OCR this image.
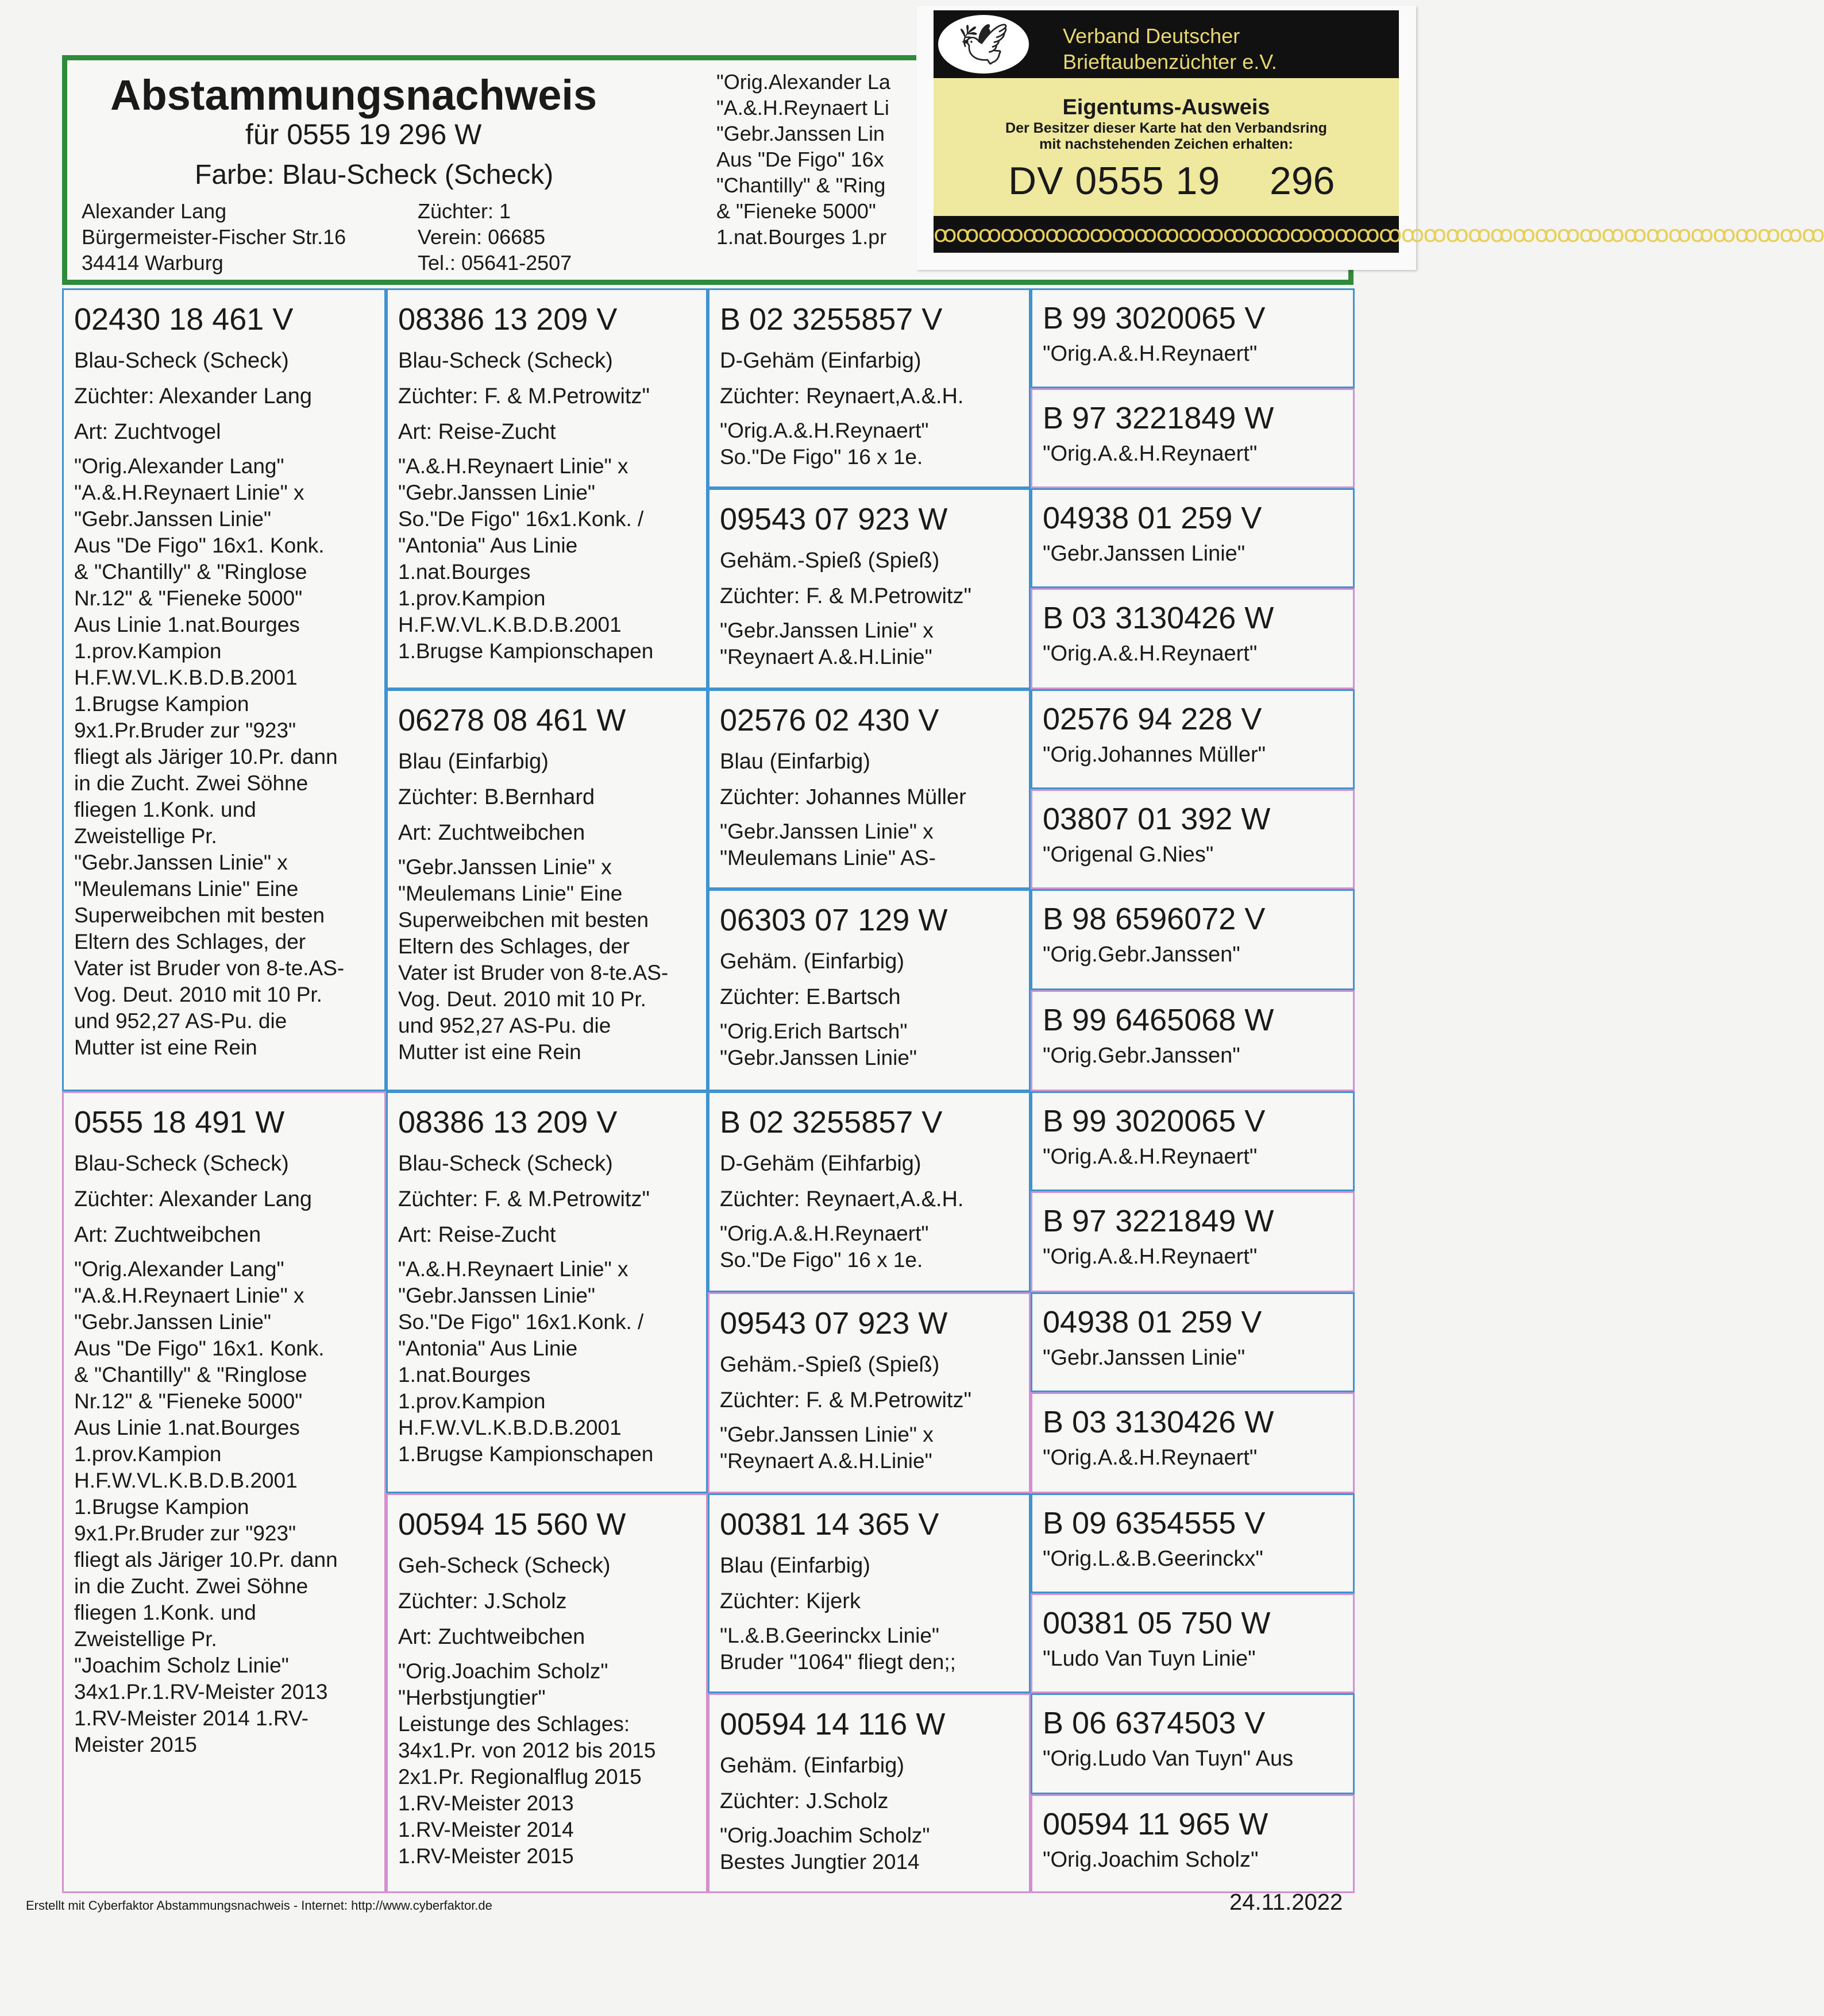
Abstammungsnachweis
für 0555 19 296 W
Farbe: Blau-Scheck (Scheck)
Alexander Lang
Bürgermeister-Fischer Str.16
34414 Warburg
Züchter: 1
Verein: 06685
Tel.: 05641-2507
"Orig.Alexander La
"A.&.H.Reynaert Li
"Gebr.Janssen Lin
Aus "De Figo" 16x
"Chantilly" & "Ring
& "Fieneke 5000"
1.nat.Bourges 1.pr
🕊	Verband Deutscher
Brieftaubenzüchter e.V.
Eigentums-Ausweis
Der Besitzer dieser Karte hat den Verbandsring
mit nachstehenden Zeichen erhalten:
DV 0555 19 296
ꝏꝏꝏꝏꝏꝏꝏꝏꝏꝏꝏꝏꝏꝏꝏꝏꝏꝏꝏꝏꝏꝏꝏꝏꝏꝏꝏꝏꝏꝏꝏꝏꝏꝏꝏꝏꝏꝏꝏꝏ
02430 18 461 V
Blau-Scheck (Scheck)
Züchter: Alexander Lang
Art: Zuchtvogel
"Orig.Alexander Lang"
"A.&.H.Reynaert Linie" x
"Gebr.Janssen Linie"
Aus "De Figo" 16x1. Konk.
& "Chantilly" & "Ringlose
Nr.12" & "Fieneke 5000"
Aus Linie 1.nat.Bourges
1.prov.Kampion
H.F.W.VL.K.B.D.B.2001
1.Brugse Kampion
9x1.Pr.Bruder zur "923"
fliegt als Järiger 10.Pr. dann
in die Zucht. Zwei Söhne
fliegen 1.Konk. und
Zweistellige Pr.
"Gebr.Janssen Linie" x
"Meulemans Linie" Eine
Superweibchen mit besten
Eltern des Schlages, der
Vater ist Bruder von 8-te.AS-
Vog. Deut. 2010 mit 10 Pr.
und 952,27 AS-Pu. die
Mutter ist eine Rein
08386 13 209 V
Blau-Scheck (Scheck)
Züchter: F. & M.Petrowitz"
Art: Reise-Zucht
"A.&.H.Reynaert Linie" x
"Gebr.Janssen Linie"
So."De Figo" 16x1.Konk. /
"Antonia" Aus Linie
1.nat.Bourges
1.prov.Kampion
H.F.W.VL.K.B.D.B.2001
1.Brugse Kampionschapen
06278 08 461 W
Blau (Einfarbig)
Züchter: B.Bernhard
Art: Zuchtweibchen
"Gebr.Janssen Linie" x
"Meulemans Linie" Eine
Superweibchen mit besten
Eltern des Schlages, der
Vater ist Bruder von 8-te.AS-
Vog. Deut. 2010 mit 10 Pr.
und 952,27 AS-Pu. die
Mutter ist eine Rein
B 02 3255857 V
D-Gehäm (Einfarbig)
Züchter: Reynaert,A.&.H.
"Orig.A.&.H.Reynaert"
So."De Figo" 16 x 1e.
09543 07 923 W
Gehäm.-Spieß (Spieß)
Züchter: F. & M.Petrowitz"
"Gebr.Janssen Linie" x
"Reynaert A.&.H.Linie"
02576 02 430 V
Blau (Einfarbig)
Züchter: Johannes Müller
"Gebr.Janssen Linie" x
"Meulemans Linie" AS-
06303 07 129 W
Gehäm. (Einfarbig)
Züchter: E.Bartsch
"Orig.Erich Bartsch"
"Gebr.Janssen Linie"
B 99 3020065 V
"Orig.A.&.H.Reynaert"
B 97 3221849 W
"Orig.A.&.H.Reynaert"
04938 01 259 V
"Gebr.Janssen Linie"
B 03 3130426 W
"Orig.A.&.H.Reynaert"
02576 94 228 V
"Orig.Johannes Müller"
03807 01 392 W
"Origenal G.Nies"
B 98 6596072 V
"Orig.Gebr.Janssen"
B 99 6465068 W
"Orig.Gebr.Janssen"
0555 18 491 W
Blau-Scheck (Scheck)
Züchter: Alexander Lang
Art: Zuchtweibchen
"Orig.Alexander Lang"
"A.&.H.Reynaert Linie" x
"Gebr.Janssen Linie"
Aus "De Figo" 16x1. Konk.
& "Chantilly" & "Ringlose
Nr.12" & "Fieneke 5000"
Aus Linie 1.nat.Bourges
1.prov.Kampion
H.F.W.VL.K.B.D.B.2001
1.Brugse Kampion
9x1.Pr.Bruder zur "923"
fliegt als Järiger 10.Pr. dann
in die Zucht. Zwei Söhne
fliegen 1.Konk. und
Zweistellige Pr.
"Joachim Scholz Linie"
34x1.Pr.1.RV-Meister 2013
1.RV-Meister 2014 1.RV-
Meister 2015
08386 13 209 V
Blau-Scheck (Scheck)
Züchter: F. & M.Petrowitz"
Art: Reise-Zucht
"A.&.H.Reynaert Linie" x
"Gebr.Janssen Linie"
So."De Figo" 16x1.Konk. /
"Antonia" Aus Linie
1.nat.Bourges
1.prov.Kampion
H.F.W.VL.K.B.D.B.2001
1.Brugse Kampionschapen
00594 15 560 W
Geh-Scheck (Scheck)
Züchter: J.Scholz
Art: Zuchtweibchen
"Orig.Joachim Scholz"
"Herbstjungtier"
Leistunge des Schlages:
34x1.Pr. von 2012 bis 2015
2x1.Pr. Regionalflug 2015
1.RV-Meister 2013
1.RV-Meister 2014
1.RV-Meister 2015
B 02 3255857 V
D-Gehäm (Eihfarbig)
Züchter: Reynaert,A.&.H.
"Orig.A.&.H.Reynaert"
So."De Figo" 16 x 1e.
09543 07 923 W
Gehäm.-Spieß (Spieß)
Züchter: F. & M.Petrowitz"
"Gebr.Janssen Linie" x
"Reynaert A.&.H.Linie"
00381 14 365 V
Blau (Einfarbig)
Züchter: Kijerk
"L.&.B.Geerinckx Linie"
Bruder "1064" fliegt den;;
00594 14 116 W
Gehäm. (Einfarbig)
Züchter: J.Scholz
"Orig.Joachim Scholz"
Bestes Jungtier 2014
B 99 3020065 V
"Orig.A.&.H.Reynaert"
B 97 3221849 W
"Orig.A.&.H.Reynaert"
04938 01 259 V
"Gebr.Janssen Linie"
B 03 3130426 W
"Orig.A.&.H.Reynaert"
B 09 6354555 V
"Orig.L.&.B.Geerinckx"
00381 05 750 W
"Ludo Van Tuyn Linie"
B 06 6374503 V
"Orig.Ludo Van Tuyn" Aus
00594 11 965 W
"Orig.Joachim Scholz"
Erstellt mit Cyberfaktor Abstammungsnachweis - Internet: http://www.cyberfaktor.de	24.11.2022
